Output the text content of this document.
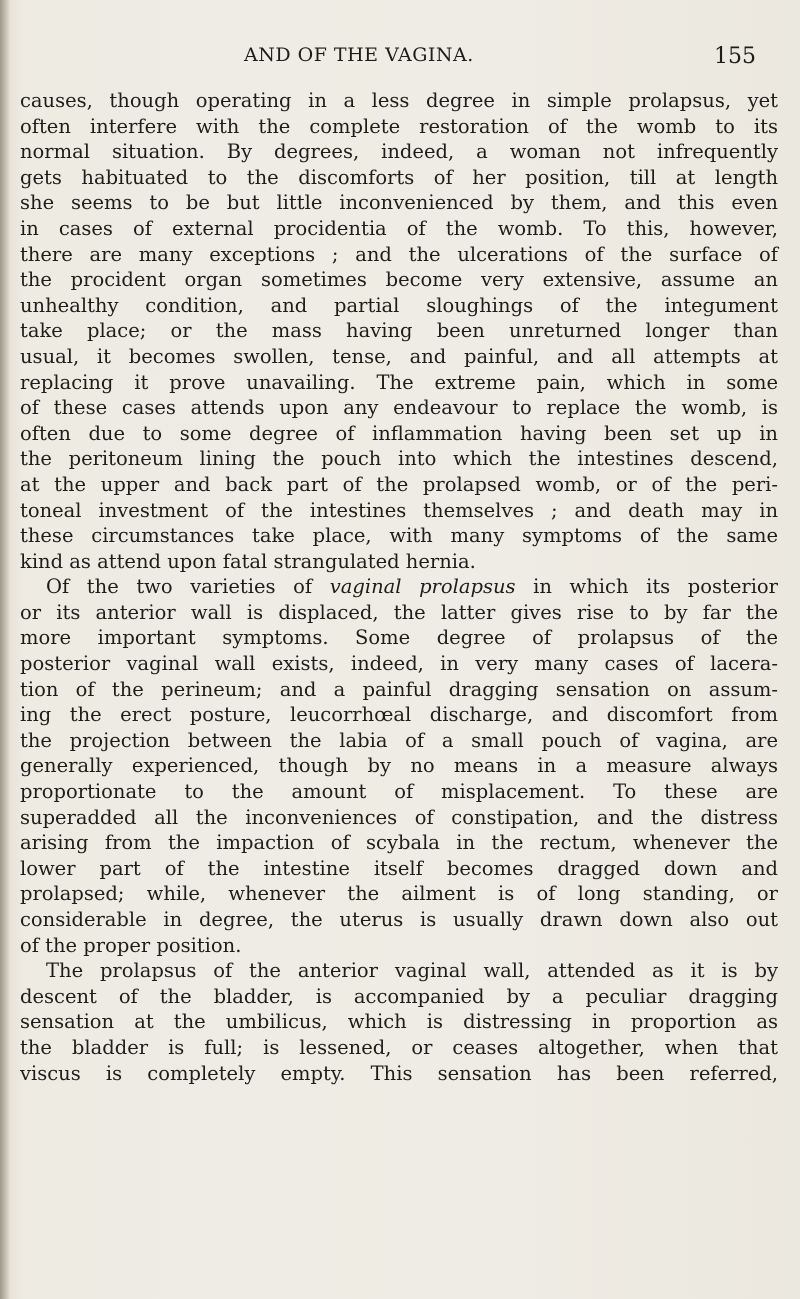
AND OF THE VAGINA.	155

causes, though operating in a less degree in simple prolapsus, yet
often interfere with the complete restoration of the womb to its
normal situation. By degrees, indeed, a woman not infrequently
gets habituated to the discomforts of her position, till at length
she seems to be but little inconvenienced by them, and this even
in cases of external procidentia of the womb. To this, however,
there are many exceptions ; and the ulcerations of the surface of
the procident organ sometimes become very extensive, assume an
unhealthy condition, and partial sloughings of the integument
take place; or the mass having been unreturned longer than
usual, it becomes swollen, tense, and painful, and all attempts at
replacing it prove unavailing. The extreme pain, which in some
of these cases attends upon any endeavour to replace the womb, is
often due to some degree of inflammation having been set up in
the peritoneum lining the pouch into which the intestines descend,
at the upper and back part of the prolapsed womb, or of the peri-
toneal investment of the intestines themselves ; and death may in
these circumstances take place, with many symptoms of the same
kind as attend upon fatal strangulated hernia.

Of the two varieties of vaginal prolapsus in which its posterior
or its anterior wall is displaced, the latter gives rise to by far the
more important symptoms. Some degree of prolapsus of the
posterior vaginal wall exists, indeed, in very many cases of lacera-
tion of the perineum; and a painful dragging sensation on assum-
ing the erect posture, leucorrhœal discharge, and discomfort from
the projection between the labia of a small pouch of vagina, are
generally experienced, though by no means in a measure always
proportionate to the amount of misplacement. To these are
superadded all the inconveniences of constipation, and the distress
arising from the impaction of scybala in the rectum, whenever the
lower part of the intestine itself becomes dragged down and
prolapsed; while, whenever the ailment is of long standing, or
considerable in degree, the uterus is usually drawn down also out
of the proper position.

The prolapsus of the anterior vaginal wall, attended as it is by
descent of the bladder, is accompanied by a peculiar dragging
sensation at the umbilicus, which is distressing in proportion as
the bladder is full; is lessened, or ceases altogether, when that
viscus is completely empty. This sensation has been referred,
